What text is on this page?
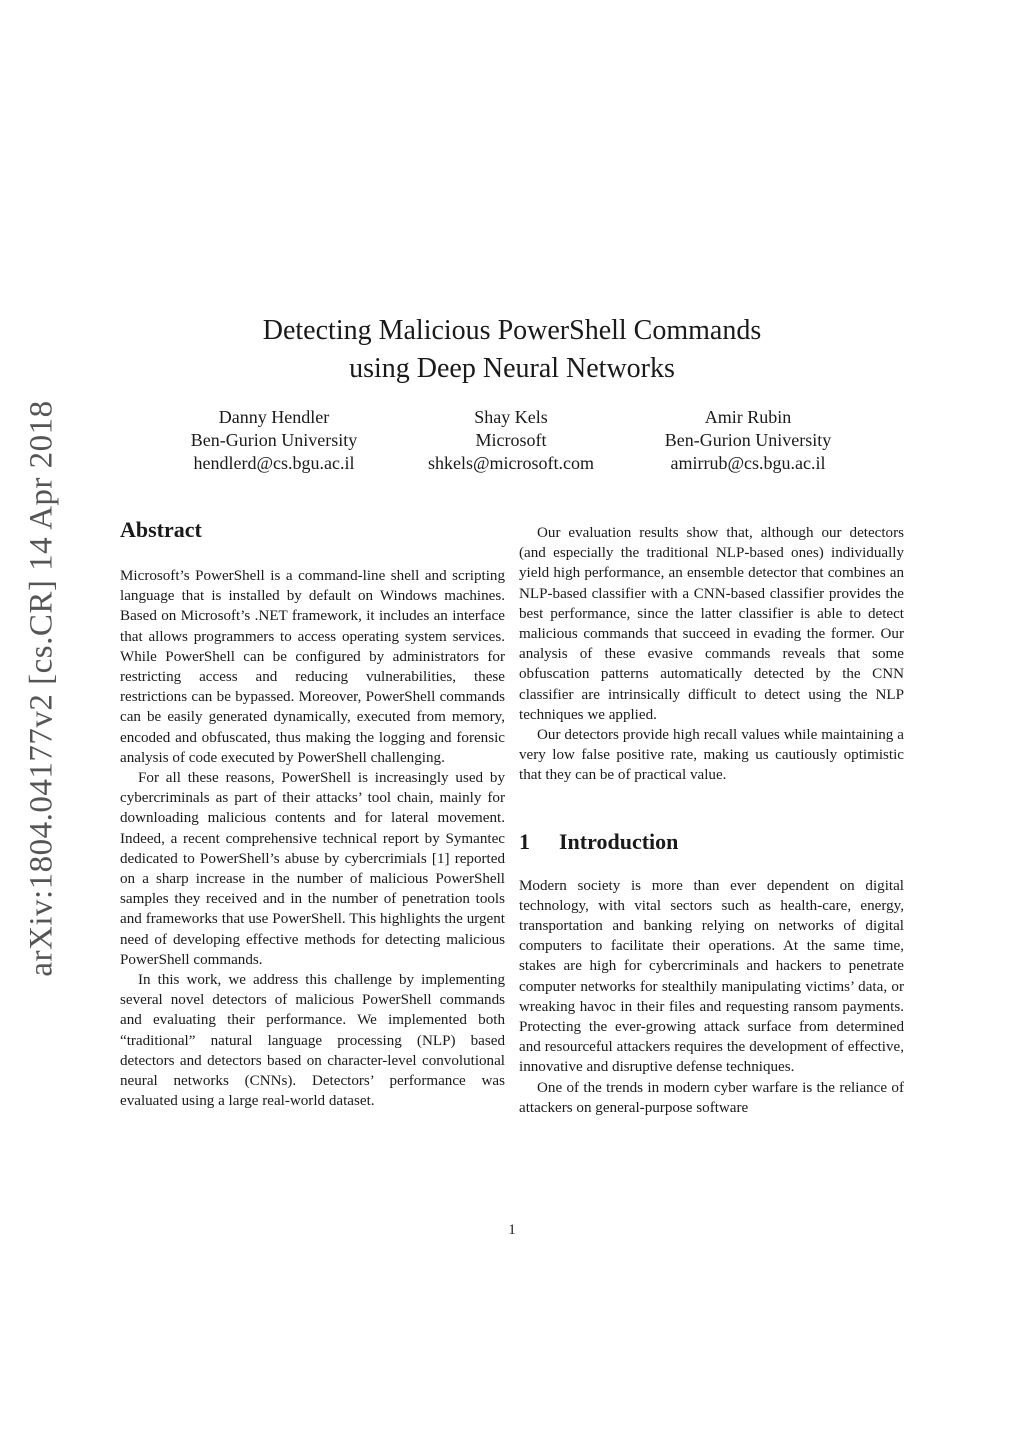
arXiv:1804.04177v2 [cs.CR] 14 Apr 2018
Detecting Malicious PowerShell Commands
using Deep Neural Networks
Danny Hendler
Ben-Gurion University
hendlerd@cs.bgu.ac.il
Shay Kels
Microsoft
shkels@microsoft.com
Amir Rubin
Ben-Gurion University
amirrub@cs.bgu.ac.il
Abstract

Microsoft’s PowerShell is a command-line shell and scripting language that is installed by default on Windows machines. Based on Microsoft’s .NET framework, it includes an interface that allows programmers to access operating system services. While PowerShell can be configured by administrators for restricting access and reducing vulnerabilities, these restrictions can be bypassed. Moreover, PowerShell commands can be easily generated dynamically, executed from memory, encoded and obfuscated, thus making the logging and forensic analysis of code executed by PowerShell challenging.

For all these reasons, PowerShell is increasingly used by cybercriminals as part of their attacks’ tool chain, mainly for downloading malicious contents and for lateral movement. Indeed, a recent comprehensive technical report by Symantec dedicated to PowerShell’s abuse by cybercrimials [1] reported on a sharp increase in the number of malicious PowerShell samples they received and in the number of penetration tools and frameworks that use PowerShell. This highlights the urgent need of developing effective methods for detecting malicious PowerShell commands.

In this work, we address this challenge by implementing several novel detectors of malicious PowerShell commands and evaluating their performance. We implemented both “traditional” natural language processing (NLP) based detectors and detectors based on character-level convolutional neural networks (CNNs). Detectors’ performance was evaluated using a large real-world dataset.

Our evaluation results show that, although our detectors (and especially the traditional NLP-based ones) individually yield high performance, an ensemble detector that combines an NLP-based classifier with a CNN-based classifier provides the best performance, since the latter classifier is able to detect malicious commands that succeed in evading the former. Our analysis of these evasive commands reveals that some obfuscation patterns automatically detected by the CNN classifier are intrinsically difficult to detect using the NLP techniques we applied.

Our detectors provide high recall values while maintaining a very low false positive rate, making us cautiously optimistic that they can be of practical value.

1 Introduction

Modern society is more than ever dependent on digital technology, with vital sectors such as health-care, energy, transportation and banking relying on networks of digital computers to facilitate their operations. At the same time, stakes are high for cybercriminals and hackers to penetrate computer networks for stealthily manipulating victims’ data, or wreaking havoc in their files and requesting ransom payments. Protecting the ever-growing attack surface from determined and resourceful attackers requires the development of effective, innovative and disruptive defense techniques.

One of the trends in modern cyber warfare is the reliance of attackers on general-purpose software

1
